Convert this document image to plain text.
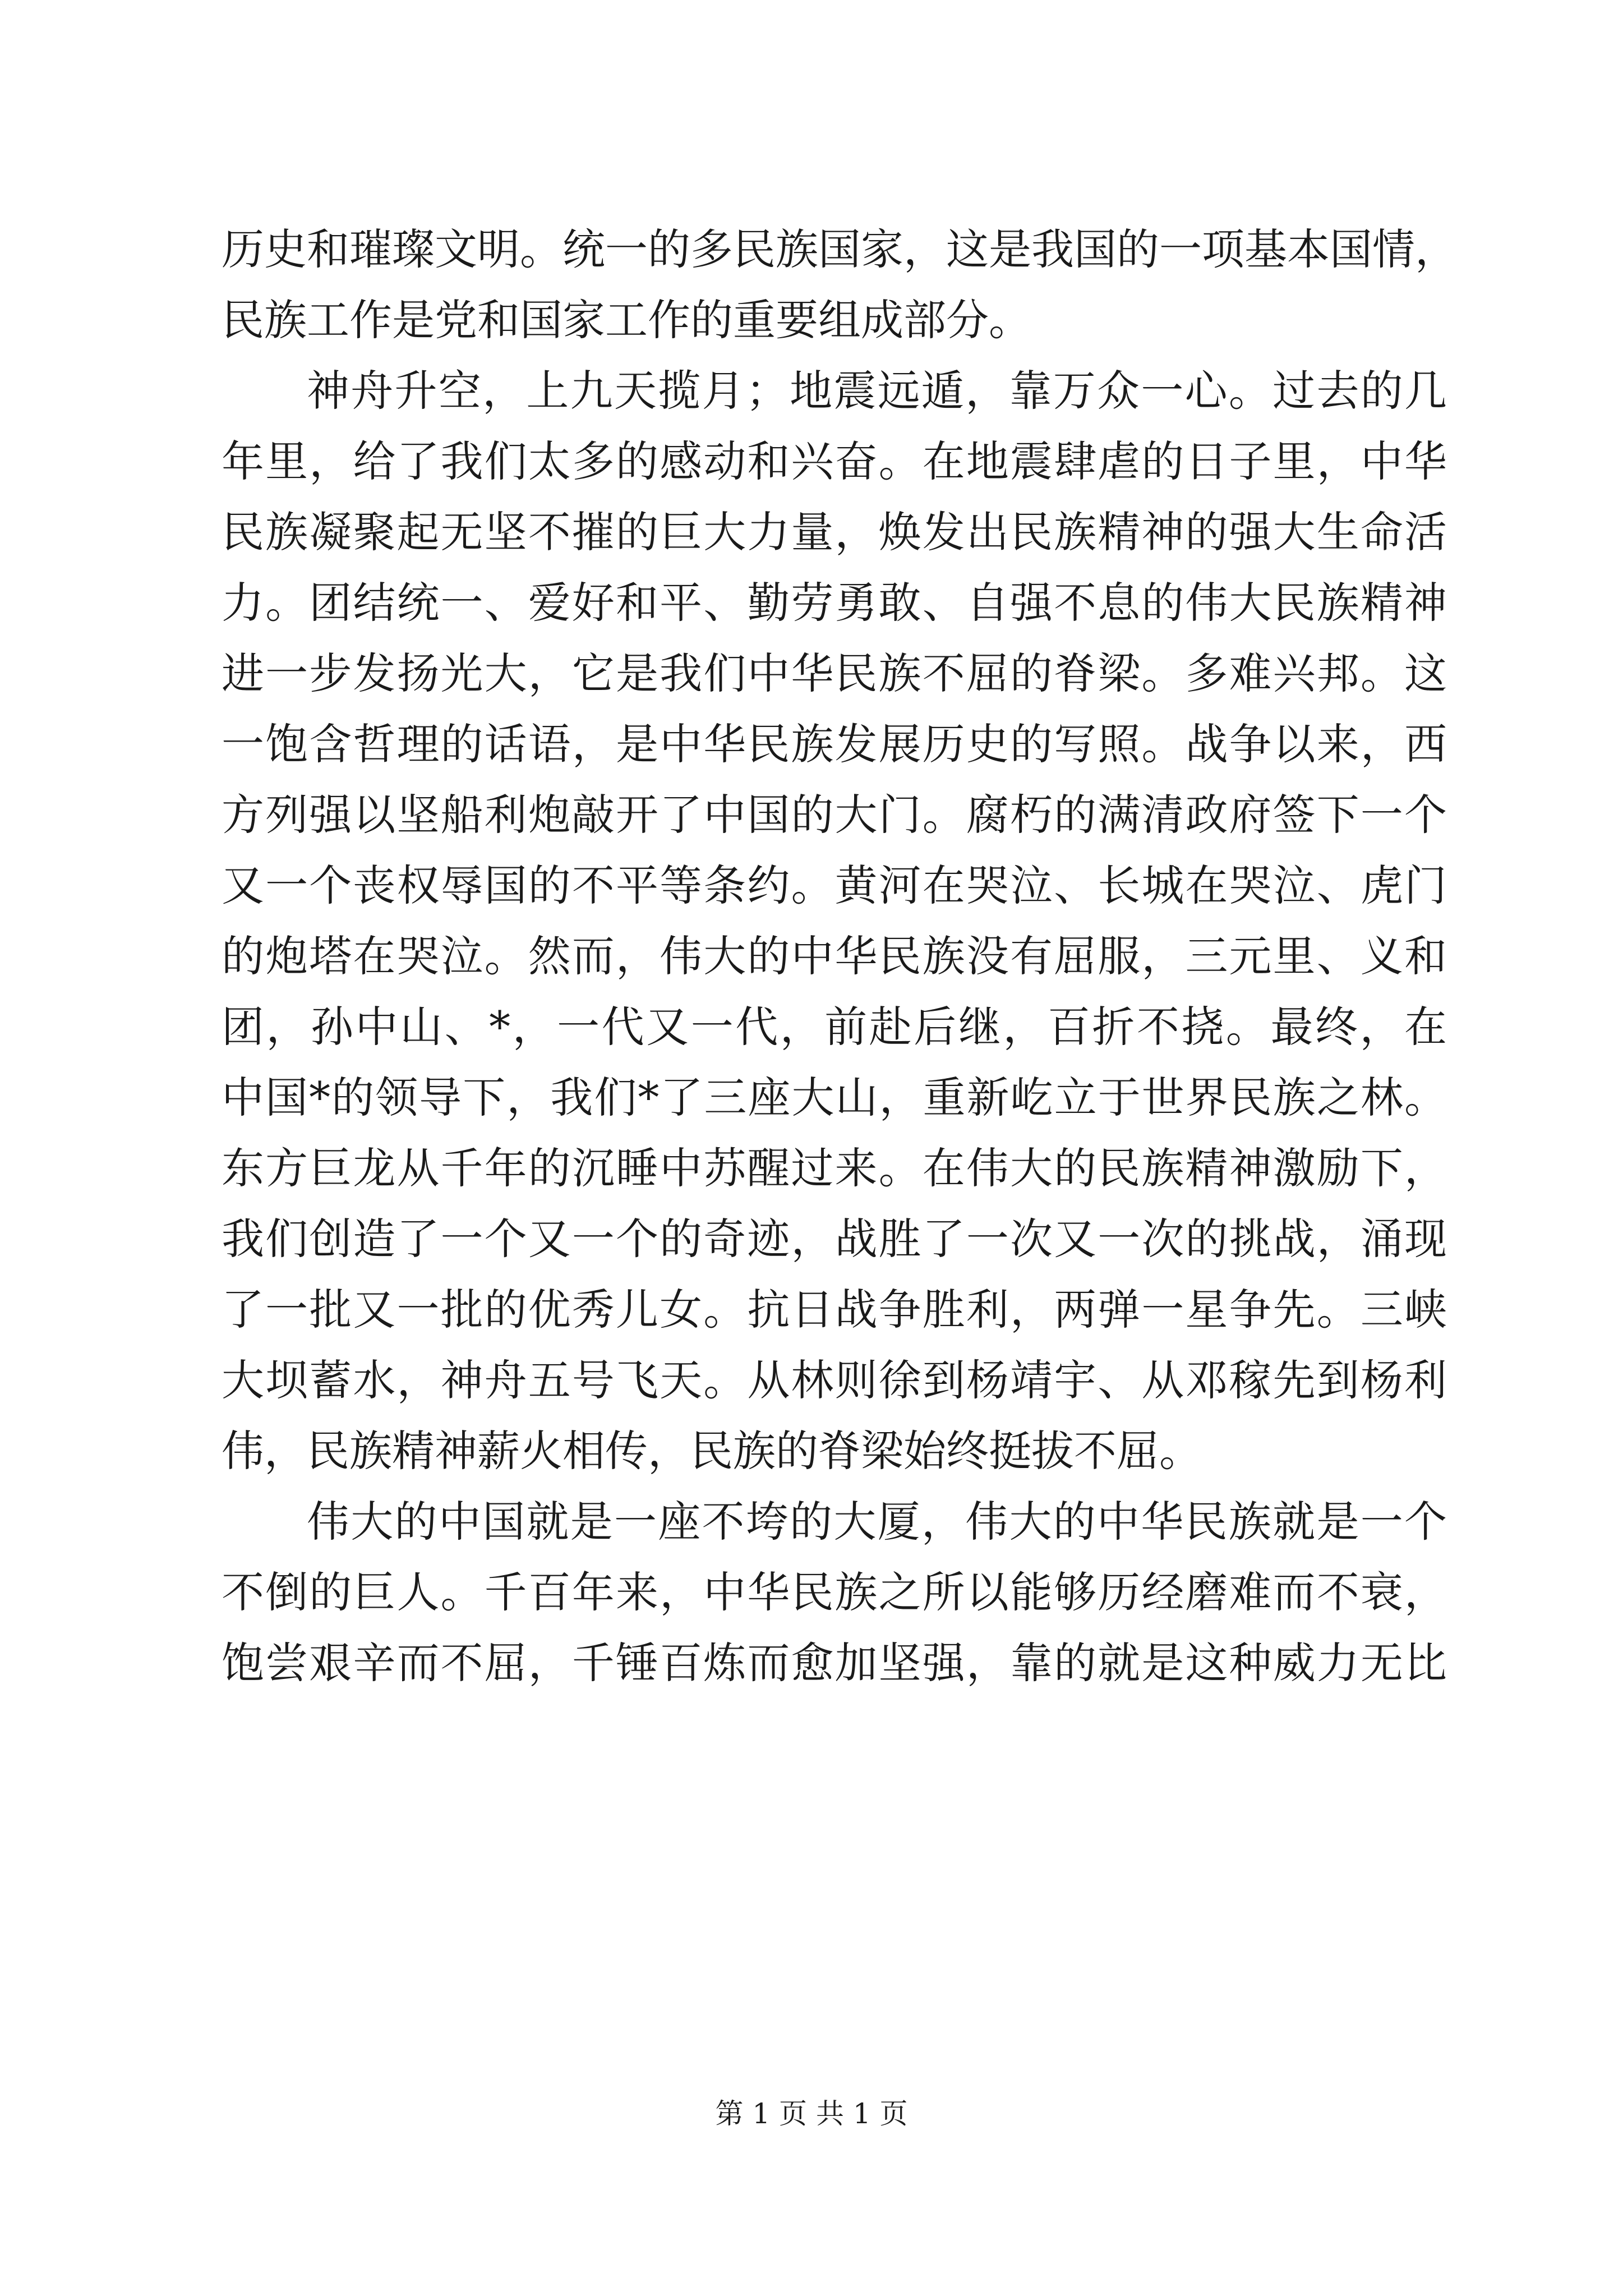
历史和璀璨文明。统一的多民族国家，这是我国的一项基本国情，
民族工作是党和国家工作的重要组成部分。
神舟升空，上九天揽月；地震远遁，靠万众一心。过去的几
年里，给了我们太多的感动和兴奋。在地震肆虐的日子里，中华
民族凝聚起无坚不摧的巨大力量，焕发出民族精神的强大生命活
力。团结统一、爱好和平、勤劳勇敢、自强不息的伟大民族精神
进一步发扬光大，它是我们中华民族不屈的脊梁。多难兴邦。这
一饱含哲理的话语，是中华民族发展历史的写照。战争以来，西
方列强以坚船利炮敲开了中国的大门。腐朽的满清政府签下一个
又一个丧权辱国的不平等条约。黄河在哭泣、长城在哭泣、虎门
的炮塔在哭泣。然而，伟大的中华民族没有屈服，三元里、义和
团，孙中山、*，一代又一代，前赴后继，百折不挠。最终，在
中国*的领导下，我们*了三座大山，重新屹立于世界民族之林。
东方巨龙从千年的沉睡中苏醒过来。在伟大的民族精神激励下，
我们创造了一个又一个的奇迹，战胜了一次又一次的挑战，涌现
了一批又一批的优秀儿女。抗日战争胜利，两弹一星争先。三峡
大坝蓄水，神舟五号飞天。从林则徐到杨靖宇、从邓稼先到杨利
伟，民族精神薪火相传，民族的脊梁始终挺拔不屈。
伟大的中国就是一座不垮的大厦，伟大的中华民族就是一个
不倒的巨人。千百年来，中华民族之所以能够历经磨难而不衰，
饱尝艰辛而不屈，千锤百炼而愈加坚强，靠的就是这种威力无比
第 1 页 共 1 页
